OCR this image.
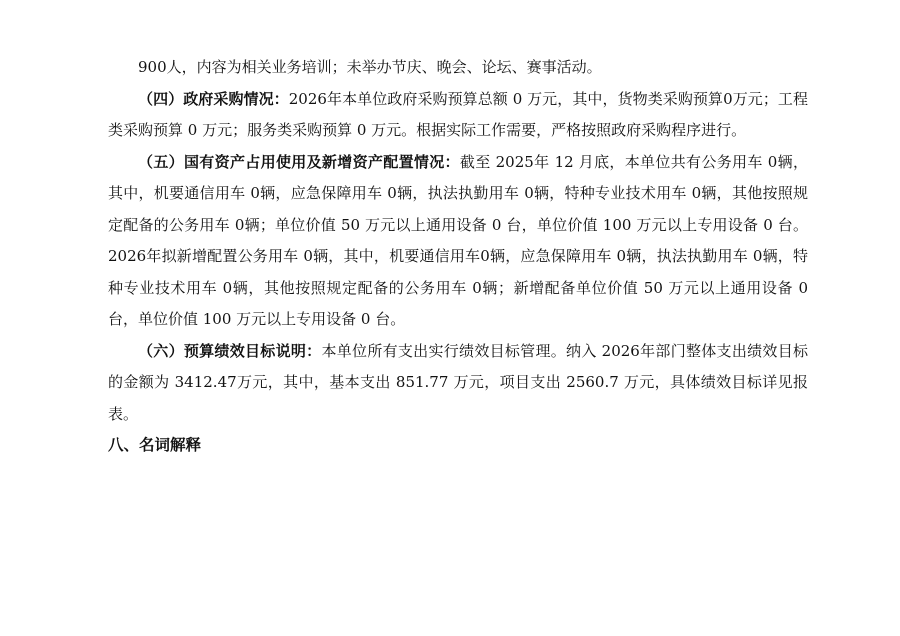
900人，内容为相关业务培训；未举办节庆、晚会、论坛、赛事活动。

（四）政府采购情况：2026年本单位政府采购预算总额 0 万元，其中，货物类采购预算0万元；工程类采购预算 0 万元；服务类采购预算 0 万元。根据实际工作需要，严格按照政府采购程序进行。

（五）国有资产占用使用及新增资产配置情况：截至 2025年 12 月底，本单位共有公务用车 0辆，其中，机要通信用车 0辆，应急保障用车 0辆，执法执勤用车 0辆，特种专业技术用车 0辆，其他按照规定配备的公务用车 0辆；单位价值 50 万元以上通用设备 0 台，单位价值 100 万元以上专用设备 0 台。2026年拟新增配置公务用车 0辆，其中，机要通信用车0辆，应急保障用车 0辆，执法执勤用车 0辆，特种专业技术用车 0辆，其他按照规定配备的公务用车 0辆；新增配备单位价值 50 万元以上通用设备 0 台，单位价值 100 万元以上专用设备 0 台。

（六）预算绩效目标说明：本单位所有支出实行绩效目标管理。纳入 2026年部门整体支出绩效目标的金额为 3412.47万元，其中，基本支出 851.77 万元，项目支出 2560.7 万元，具体绩效目标详见报表。

八、名词解释
